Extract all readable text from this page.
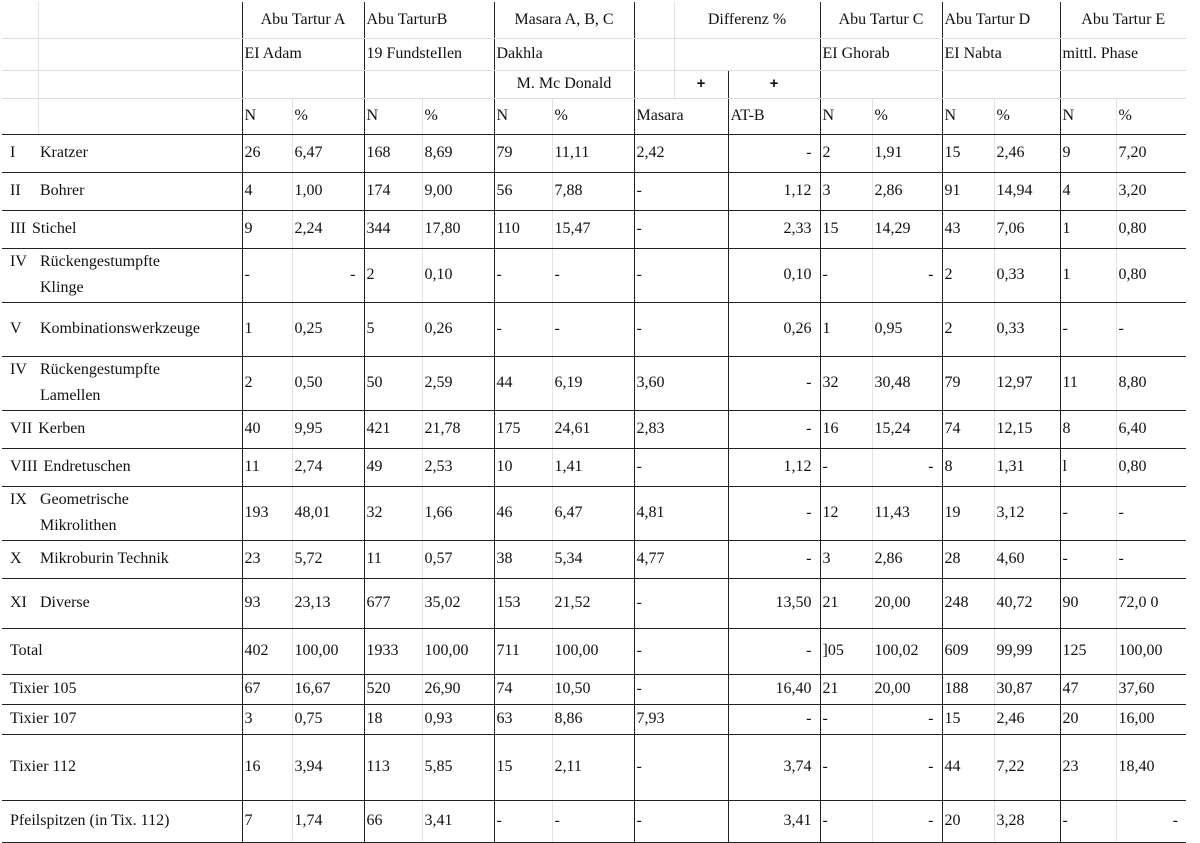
		Abu Tartur A		Abu TarturB		Masara A, B, C			Differenz %		Abu Tartur C		Abu Tartur D		Abu Tartur E	
		EI Adam		19 FundsteIlen		Dakhla					EI Ghorab		EI Nabta		mittl. Phase	
						M. Mc Donald			+	+						
		N	%	N	%	N	%	Masara		AT-B	N	%	N	%	N	%
I Kratzer		26	6,47	168	8,69	79	11,11	2,42		-	2	1,91	15	2,46	9	7,20
II Bohrer		4	1,00	174	9,00	56	7,88	-		1,12	3	2,86	91	14,94	4	3,20
III Stichel		9	2,24	344	17,80	110	15,47	-		2,33	15	14,29	43	7,06	1	0,80
IV Rückengestumpfte
Klinge		-	-	2	0,10	-	-	-		0,10	-	-	2	0,33	1	0,80
V Kombinationswerkzeuge		1	0,25	5	0,26	-	-	-		0,26	1	0,95	2	0,33	-	-
IV Rückengestumpfte
Lamellen		2	0,50	50	2,59	44	6,19	3,60		-	32	30,48	79	12,97	11	8,80
VII Kerben		40	9,95	421	21,78	175	24,61	2,83		-	16	15,24	74	12,15	8	6,40
VIII Endretuschen		11	2,74	49	2,53	10	1,41	-		1,12	-	-	8	1,31	l	0,80
IX Geometrische
Mikrolithen		193	48,01	32	1,66	46	6,47	4,81		-	12	11,43	19	3,12	-	-
X Mikroburin Technik		23	5,72	11	0,57	38	5,34	4,77		-	3	2,86	28	4,60	-	-
XI Diverse		93	23,13	677	35,02	153	21,52	-		13,50	21	20,00	248	40,72	90	72,0 0
Total		402	100,00	1933	100,00	711	100,00	-		-	]05	100,02	609	99,99	125	100,00
Tixier 105		67	16,67	520	26,90	74	10,50	-		16,40	21	20,00	188	30,87	47	37,60
Tixier 107		3	0,75	18	0,93	63	8,86	7,93		-	-	-	15	2,46	20	16,00
Tixier 112		16	3,94	113	5,85	15	2,11	-		3,74	-	-	44	7,22	23	18,40
Pfeilspitzen (in Tix. 112)		7	1,74	66	3,41	-	-	-		3,41	-	-	20	3,28	-	-
